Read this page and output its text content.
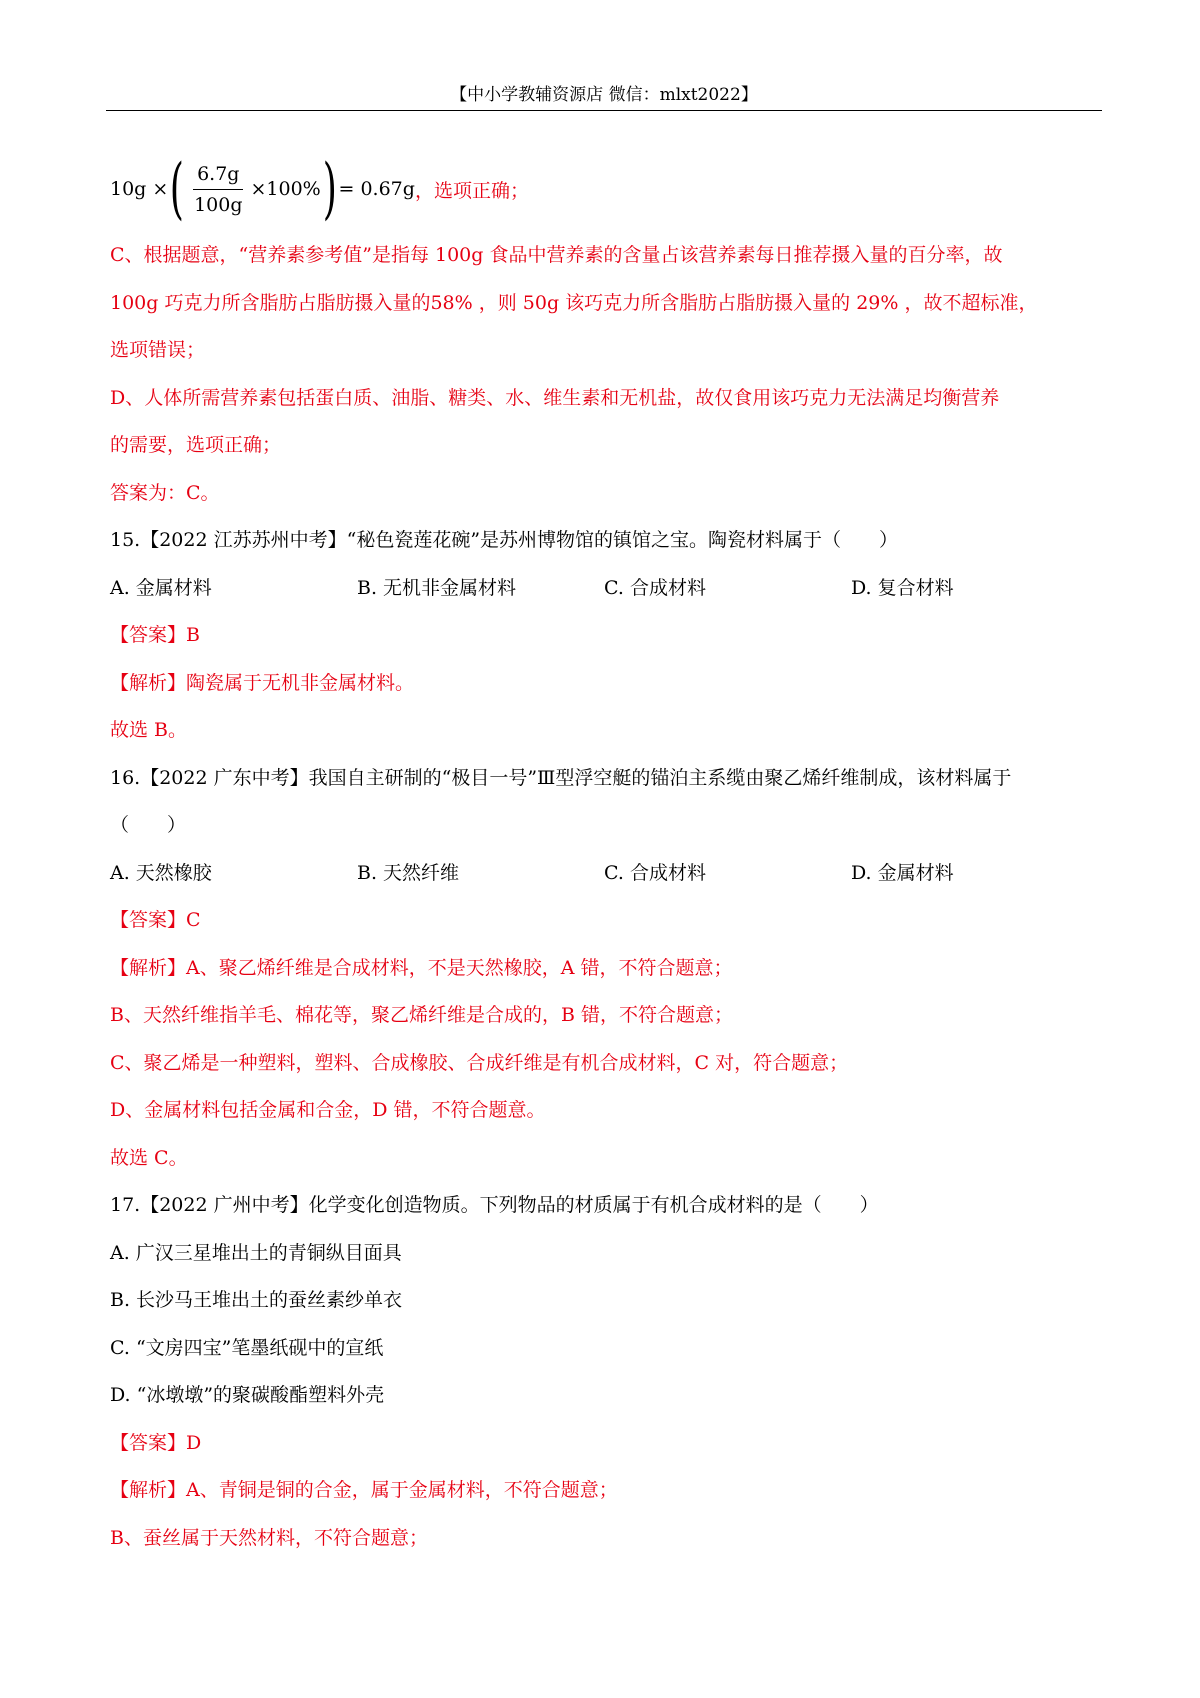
【中小学教辅资源店 微信：mlxt2022】
10g × ( $\frac{6.7g}{100g} \times 100\%$ ) = 0.67g ，选项正确；
C、根据题意，“营养素参考值”是指每 100g 食品中营养素的含量占该营养素每日推荐摄入量的百分率，故
100g 巧克力所含脂肪占脂肪摄入量的58% ，则 50g 该巧克力所含脂肪占脂肪摄入量的 29% ，故不超标准，
选项错误；
D、人体所需营养素包括蛋白质、油脂、糖类、水、维生素和无机盐，故仅食用该巧克力无法满足均衡营养
的需要，选项正确；
答案为：C。
15.【2022 江苏苏州中考】“秘色瓷莲花碗”是苏州博物馆的镇馆之宝。陶瓷材料属于（　　）
A. 金属材料	B. 无机非金属材料	C. 合成材料	D. 复合材料
【答案】B
【解析】陶瓷属于无机非金属材料。
故选 B。
16.【2022 广东中考】我国自主研制的“极目一号”Ⅲ型浮空艇的锚泊主系缆由聚乙烯纤维制成，该材料属于
（　　）
A. 天然橡胶	B. 天然纤维	C. 合成材料	D. 金属材料
【答案】C
【解析】A、聚乙烯纤维是合成材料，不是天然橡胶，A 错，不符合题意；
B、天然纤维指羊毛、棉花等，聚乙烯纤维是合成的，B 错，不符合题意；
C、聚乙烯是一种塑料，塑料、合成橡胶、合成纤维是有机合成材料，C 对，符合题意；
D、金属材料包括金属和合金，D 错，不符合题意。
故选 C。
17.【2022 广州中考】化学变化创造物质。下列物品的材质属于有机合成材料的是（　　）
A. 广汉三星堆出土的青铜纵目面具
B. 长沙马王堆出土的蚕丝素纱单衣
C. “文房四宝”笔墨纸砚中的宣纸
D. “冰墩墩”的聚碳酸酯塑料外壳
【答案】D
【解析】A、青铜是铜的合金，属于金属材料，不符合题意；
B、蚕丝属于天然材料，不符合题意；
